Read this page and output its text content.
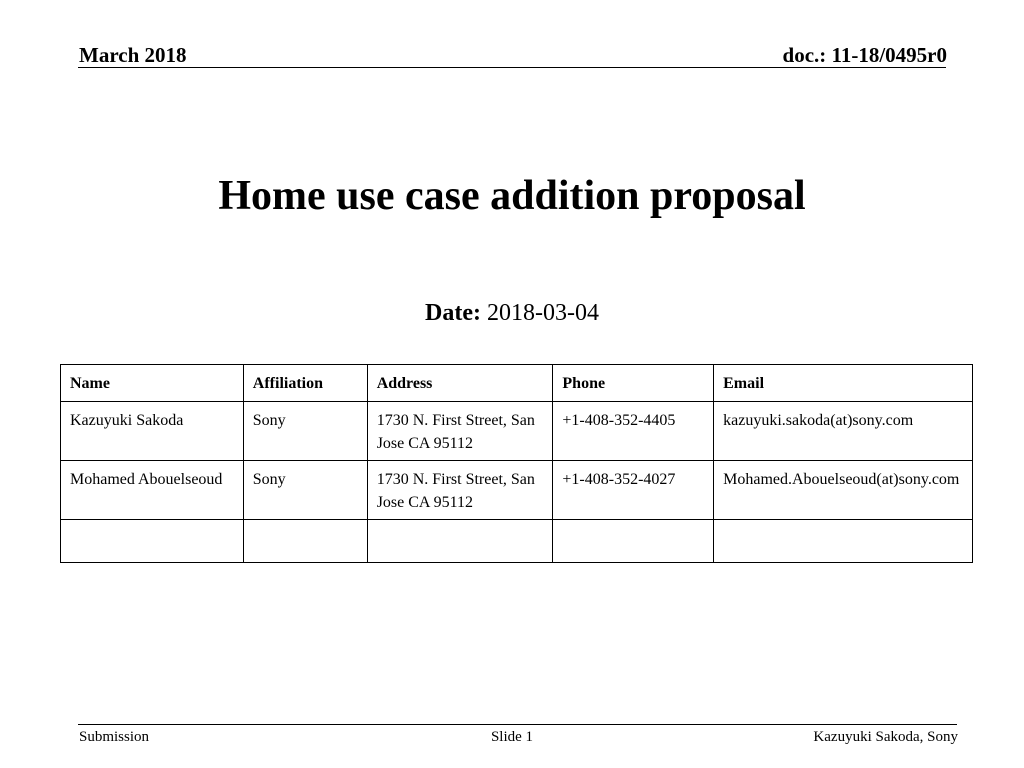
March 2018	doc.: 11-18/0495r0
Home use case addition proposal
Date: 2018-03-04
Name	Affiliation	Address	Phone	Email
Kazuyuki Sakoda	Sony	1730 N. First Street, San Jose CA 95112	+1-408-352-4405	kazuyuki.sakoda(at)sony.com
Mohamed Abouelseoud	Sony	1730 N. First Street, San Jose CA 95112	+1-408-352-4027	Mohamed.Abouelseoud(at)sony.com

Submission	Slide 1	Kazuyuki Sakoda, Sony
